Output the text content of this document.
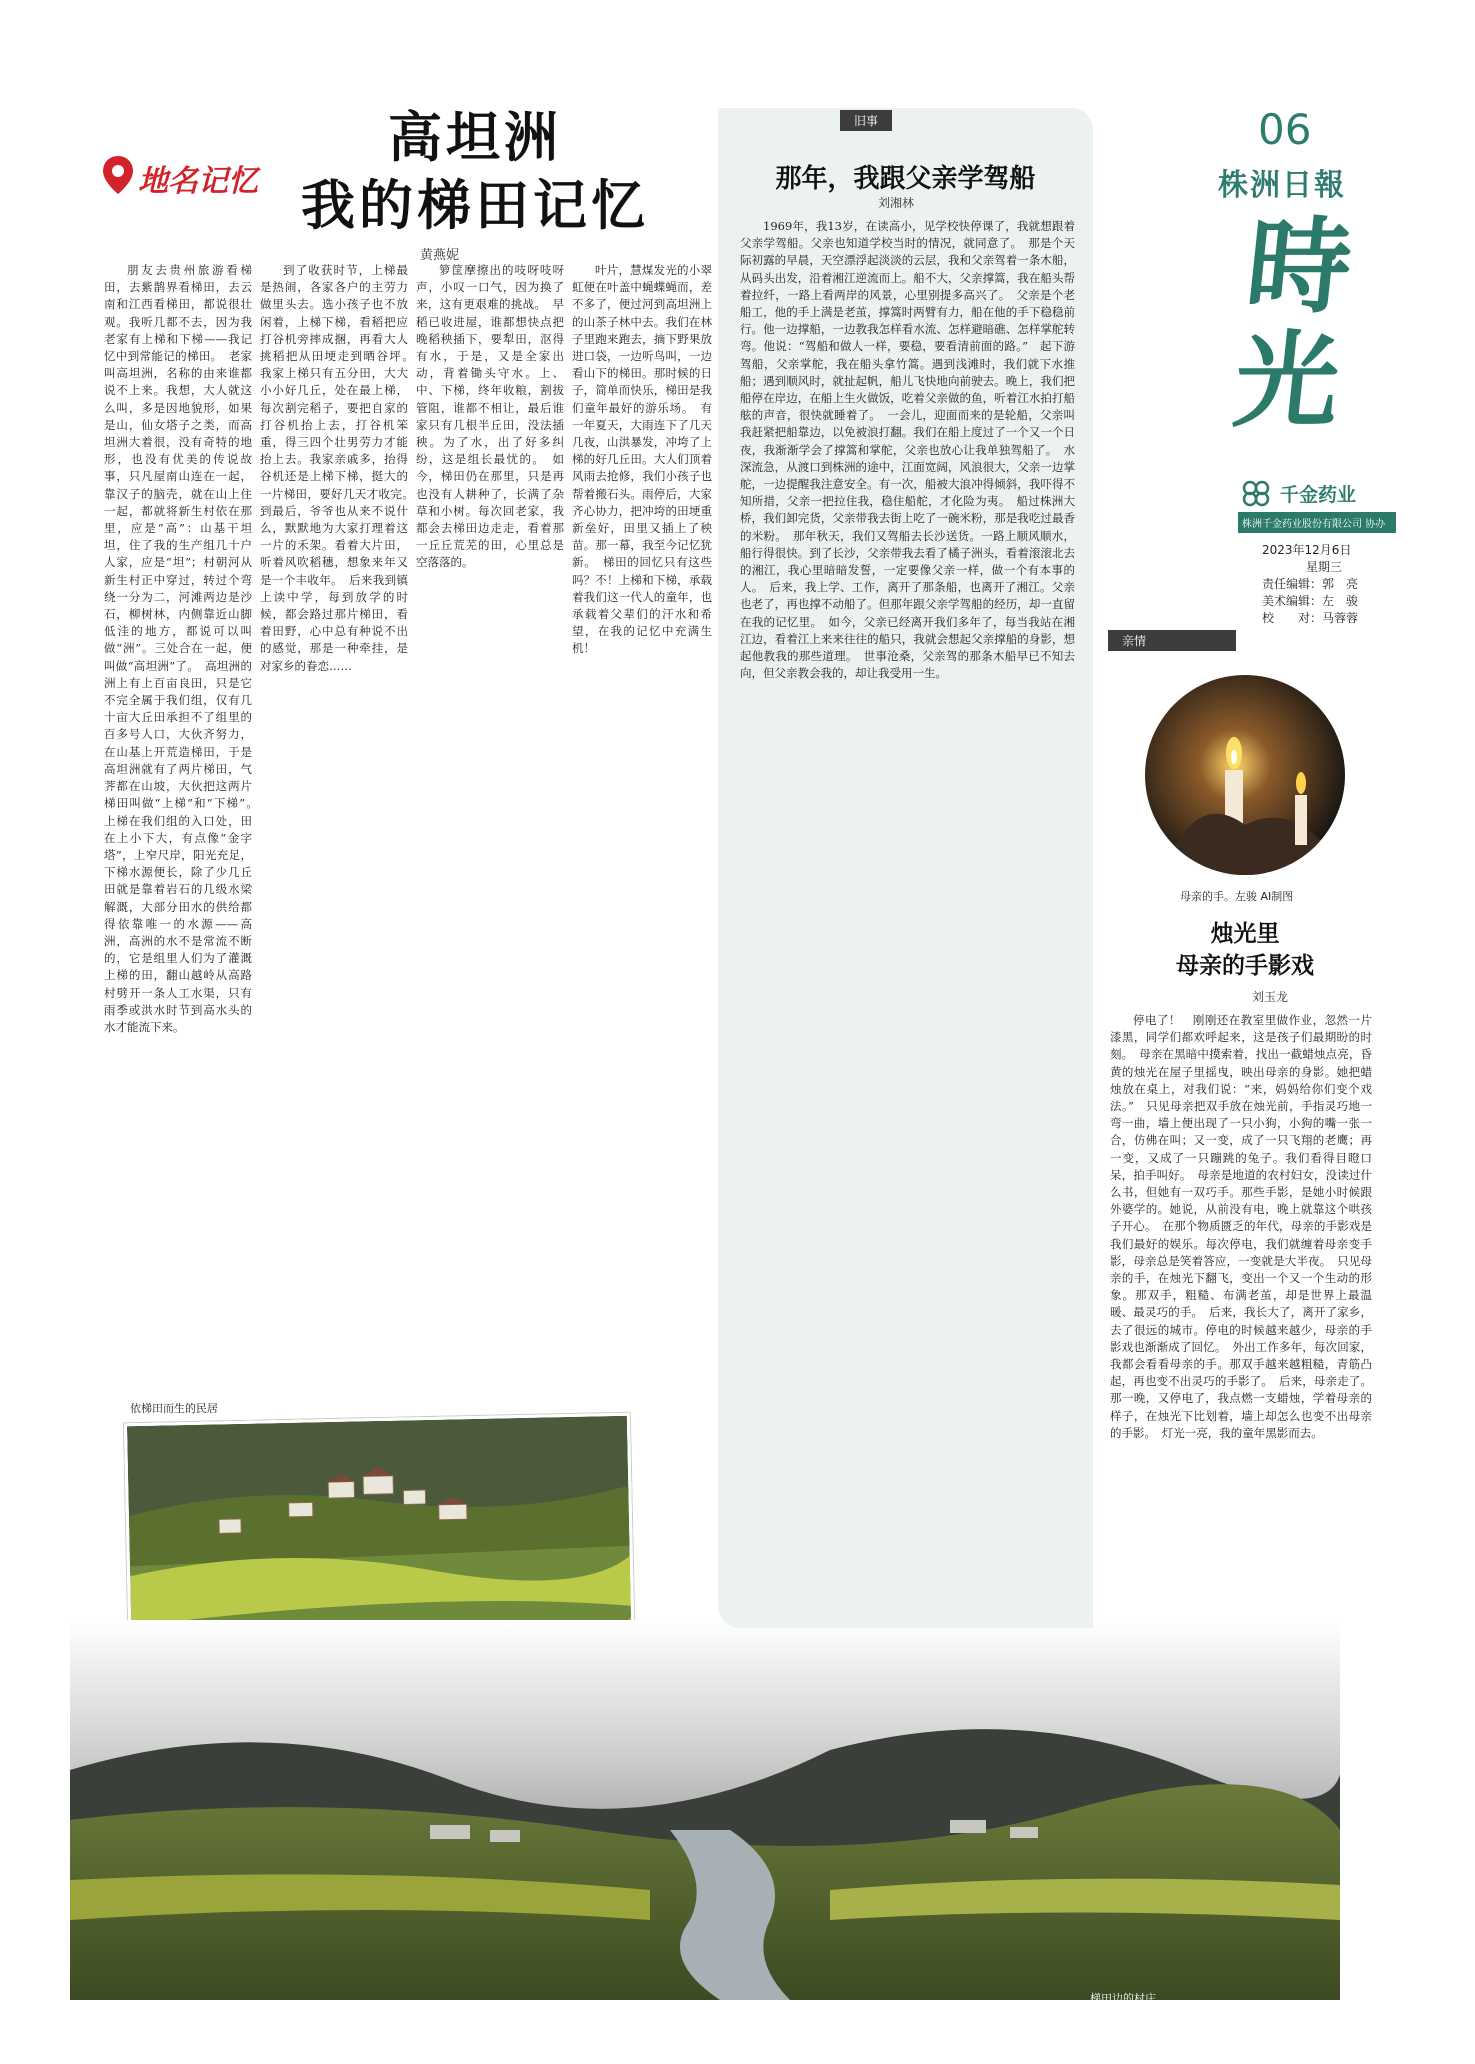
地名记忆
高坦洲
我的梯田记忆
黄燕妮

朋友去贵州旅游看梯田，去紫鹊界看梯田，去云南和江西看梯田，都说很壮观。我听几都不去，因为我老家有上梯和下梯——我记忆中到常能记的梯田。　老家叫高坦洲，名称的由来谁都说不上来。我想，大人就这么叫，多是因地貌形，如果是山，仙女塔子之类，而高坦洲大着很，没有奇特的地形，也没有优美的传说故事，只凡屋南山连在一起，靠汉子的脑壳，就在山上住一起，都就将新生村依在那里，应是“高”：山基干坦坦，住了我的生产组几十户人家，应是“坦”；村朝河从新生村正中穿过，转过个弯绕一分为二，河滩两边是沙石，柳树林，内侧靠近山脚低洼的地方，都说可以叫做“洲”。三处合在一起，便叫做“高坦洲”了。　高坦洲的洲上有上百亩良田，只是它不完全属于我们组，仅有几十亩大丘田承担不了组里的百多号人口，大伙齐努力，在山基上开荒造梯田，于是高坦洲就有了两片梯田，气荠都在山坡，大伙把这两片梯田叫做“上梯”和“下梯”。　上梯在我们组的入口处，田在上小下大，有点像“金字塔”，上窄尺岸，阳光充足，下梯水源便长，除了少几丘田就是靠着岩石的几级水梁解溉，大部分田水的供给都得依靠唯一的水源——高洲，高洲的水不是常流不断的，它是组里人们为了灌溉上梯的田，翻山越岭从高路村劈开一条人工水渠，只有雨季或洪水时节到高水头的水才能流下来。

到了收获时节，上梯最是热闹，各家各户的主劳力做里头去。选小孩子也不放闲着，上梯下梯，看稻把应打谷机旁摔成捆，再看大人挑稻把从田埂走到晒谷坪。　我家上梯只有五分田，大大小小好几丘，处在最上梯，每次割完稻子，要把自家的打谷机抬上去，打谷机笨重，得三四个壮男劳力才能抬上去。我家亲戚多，抬得谷机还是上梯下梯，挺大的一片梯田，要好几天才收完。　到最后，爷爷也从来不说什么，默默地为大家打理着这一片的禾架。看着大片田，听着风吹稻穗，想象来年又是一个丰收年。　后来我到镇上读中学，每到放学的时候，都会路过那片梯田，看着田野，心中总有种说不出的感觉，那是一种牵挂，是对家乡的眷恋……

箩筐摩擦出的吱呀吱呀声，小叹一口气，因为换了来，这有更艰难的挑战。　早稻已收进屋，谁都想快点把晚稻秧插下，要犁田，沤得有水，于是，又是全家出动，背着锄头守水。上、中、下梯，终年收粮，割拔管阻，谁都不相让，最后谁家只有几根半丘田，没法插秧。为了水，出了好多纠纷，这是组长最忧的。　如今，梯田仍在那里，只是再也没有人耕种了，长满了杂草和小树。每次回老家，我都会去梯田边走走，看着那一丘丘荒芜的田，心里总是空落落的。

叶片，慧煤发光的小翠虹便在叶盖中蝇蝶蝇而，差不多了，便过河到高坦洲上的山茶子林中去。我们在林子里跑来跑去，摘下野果放进口袋，一边听鸟叫，一边看山下的梯田。那时候的日子，简单而快乐，梯田是我们童年最好的游乐场。　有一年夏天，大雨连下了几天几夜，山洪暴发，冲垮了上梯的好几丘田。大人们顶着风雨去抢修，我们小孩子也帮着搬石头。雨停后，大家齐心协力，把冲垮的田埂重新垒好，田里又插上了秧苗。那一幕，我至今记忆犹新。　梯田的回忆只有这些吗？不！上梯和下梯，承载着我们这一代人的童年，也承载着父辈们的汗水和希望，在我的记忆中充满生机！

依梯田而生的民居
梯田边的村庄
旧事
那年，我跟父亲学驾船
刘湘林

1969年，我13岁，在读高小，见学校快停课了，我就想跟着父亲学驾船。父亲也知道学校当时的情况，就同意了。　那是个天际初露的早晨，天空漂浮起淡淡的云层，我和父亲驾着一条木船，从码头出发，沿着湘江逆流而上。船不大，父亲撑篙，我在船头帮着拉纤，一路上看两岸的风景，心里别提多高兴了。　父亲是个老船工，他的手上满是老茧，撑篙时两臂有力，船在他的手下稳稳前行。他一边撑船，一边教我怎样看水流、怎样避暗礁、怎样掌舵转弯。他说：“驾船和做人一样，要稳，要看清前面的路。”　起下游驾船，父亲掌舵，我在船头拿竹篙。遇到浅滩时，我们就下水推船；遇到顺风时，就扯起帆，船儿飞快地向前驶去。晚上，我们把船停在岸边，在船上生火做饭，吃着父亲做的鱼，听着江水拍打船舷的声音，很快就睡着了。　一会儿，迎面而来的是轮船，父亲叫我赶紧把船靠边，以免被浪打翻。我们在船上度过了一个又一个日夜，我渐渐学会了撑篙和掌舵，父亲也放心让我单独驾船了。　水深流急，从渡口到株洲的途中，江面宽阔，风浪很大，父亲一边掌舵，一边提醒我注意安全。有一次，船被大浪冲得倾斜，我吓得不知所措，父亲一把拉住我，稳住船舵，才化险为夷。　船过株洲大桥，我们卸完货，父亲带我去街上吃了一碗米粉，那是我吃过最香的米粉。　那年秋天，我们又驾船去长沙送货。一路上顺风顺水，船行得很快。到了长沙，父亲带我去看了橘子洲头，看着滚滚北去的湘江，我心里暗暗发誓，一定要像父亲一样，做一个有本事的人。　后来，我上学、工作，离开了那条船，也离开了湘江。父亲也老了，再也撑不动船了。但那年跟父亲学驾船的经历，却一直留在我的记忆里。　如今，父亲已经离开我们多年了，每当我站在湘江边，看着江上来来往往的船只，我就会想起父亲撑船的身影，想起他教我的那些道理。　世事沧桑，父亲驾的那条木船早已不知去向，但父亲教会我的，却让我受用一生。

06
株洲日報
時光
千金药业
株洲千金药业股份有限公司 协办
2023年12月6日
星期三
责任编辑：郭　亮
美术编辑：左　骏
校　　对：马蓉蓉
亲情
母亲的手。左骏 AI制图
烛光里
母亲的手影戏
刘玉龙

停电了！　刚刚还在教室里做作业，忽然一片漆黑，同学们都欢呼起来，这是孩子们最期盼的时刻。　母亲在黑暗中摸索着，找出一截蜡烛点亮，昏黄的烛光在屋子里摇曳，映出母亲的身影。她把蜡烛放在桌上，对我们说：“来，妈妈给你们变个戏法。”　只见母亲把双手放在烛光前，手指灵巧地一弯一曲，墙上便出现了一只小狗，小狗的嘴一张一合，仿佛在叫；又一变，成了一只飞翔的老鹰；再一变，又成了一只蹦跳的兔子。我们看得目瞪口呆，拍手叫好。　母亲是地道的农村妇女，没读过什么书，但她有一双巧手。那些手影，是她小时候跟外婆学的。她说，从前没有电，晚上就靠这个哄孩子开心。　在那个物质匮乏的年代，母亲的手影戏是我们最好的娱乐。每次停电，我们就缠着母亲变手影，母亲总是笑着答应，一变就是大半夜。　只见母亲的手，在烛光下翻飞，变出一个又一个生动的形象。那双手，粗糙、布满老茧，却是世界上最温暖、最灵巧的手。　后来，我长大了，离开了家乡，去了很远的城市。停电的时候越来越少，母亲的手影戏也渐渐成了回忆。　外出工作多年，每次回家，我都会看看母亲的手。那双手越来越粗糙，青筋凸起，再也变不出灵巧的手影了。　后来，母亲走了。那一晚，又停电了，我点燃一支蜡烛，学着母亲的样子，在烛光下比划着，墙上却怎么也变不出母亲的手影。　灯光一亮，我的童年黑影而去。
